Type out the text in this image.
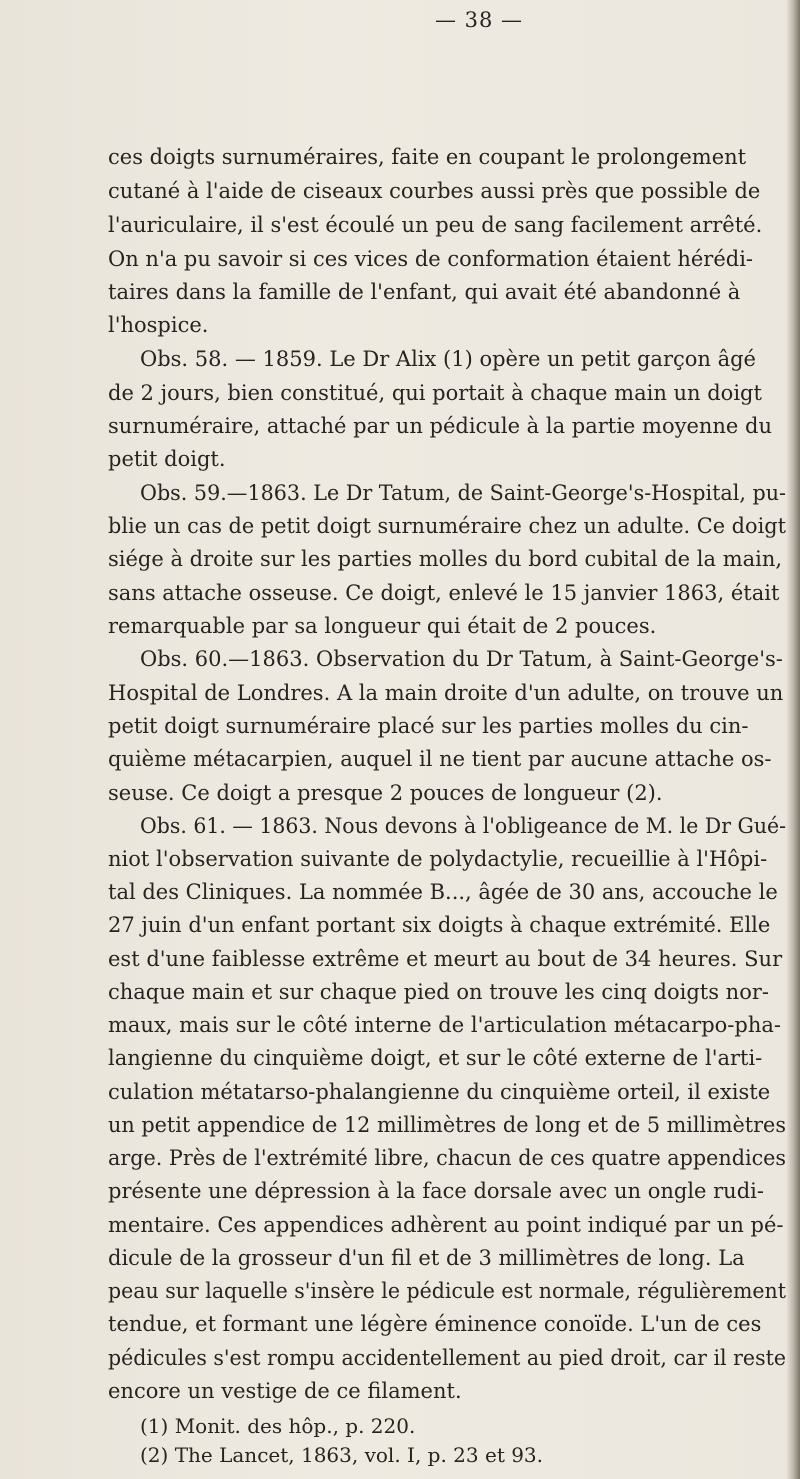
— 38 —
ces doigts surnuméraires, faite en coupant le prolongement
cutané à l'aide de ciseaux courbes aussi près que possible de
l'auriculaire, il s'est écoulé un peu de sang facilement arrêté.
On n'a pu savoir si ces vices de conformation étaient hérédi-
taires dans la famille de l'enfant, qui avait été abandonné à
l'hospice.
Obs. 58. — 1859. Le Dr Alix (1) opère un petit garçon âgé
de 2 jours, bien constitué, qui portait à chaque main un doigt
surnuméraire, attaché par un pédicule à la partie moyenne du
petit doigt.
Obs. 59.—1863. Le Dr Tatum, de Saint-George's-Hospital, pu-
blie un cas de petit doigt surnuméraire chez un adulte. Ce doigt
siége à droite sur les parties molles du bord cubital de la main,
sans attache osseuse. Ce doigt, enlevé le 15 janvier 1863, était
remarquable par sa longueur qui était de 2 pouces.
Obs. 60.—1863. Observation du Dr Tatum, à Saint-George's-
Hospital de Londres. A la main droite d'un adulte, on trouve un
petit doigt surnuméraire placé sur les parties molles du cin-
quième métacarpien, auquel il ne tient par aucune attache os-
seuse. Ce doigt a presque 2 pouces de longueur (2).
Obs. 61. — 1863. Nous devons à l'obligeance de M. le Dr Gué-
niot l'observation suivante de polydactylie, recueillie à l'Hôpi-
tal des Cliniques. La nommée B..., âgée de 30 ans, accouche le
27 juin d'un enfant portant six doigts à chaque extrémité. Elle
est d'une faiblesse extrême et meurt au bout de 34 heures. Sur
chaque main et sur chaque pied on trouve les cinq doigts nor-
maux, mais sur le côté interne de l'articulation métacarpo-pha-
langienne du cinquième doigt, et sur le côté externe de l'arti-
culation métatarso-phalangienne du cinquième orteil, il existe
un petit appendice de 12 millimètres de long et de 5 millimètres
arge. Près de l'extrémité libre, chacun de ces quatre appendices
présente une dépression à la face dorsale avec un ongle rudi-
mentaire. Ces appendices adhèrent au point indiqué par un pé-
dicule de la grosseur d'un fil et de 3 millimètres de long. La
peau sur laquelle s'insère le pédicule est normale, régulièrement
tendue, et formant une légère éminence conoïde. L'un de ces
pédicules s'est rompu accidentellement au pied droit, car il reste
encore un vestige de ce filament.
(1) Monit. des hôp., p. 220.
(2) The Lancet, 1863, vol. I, p. 23 et 93.
